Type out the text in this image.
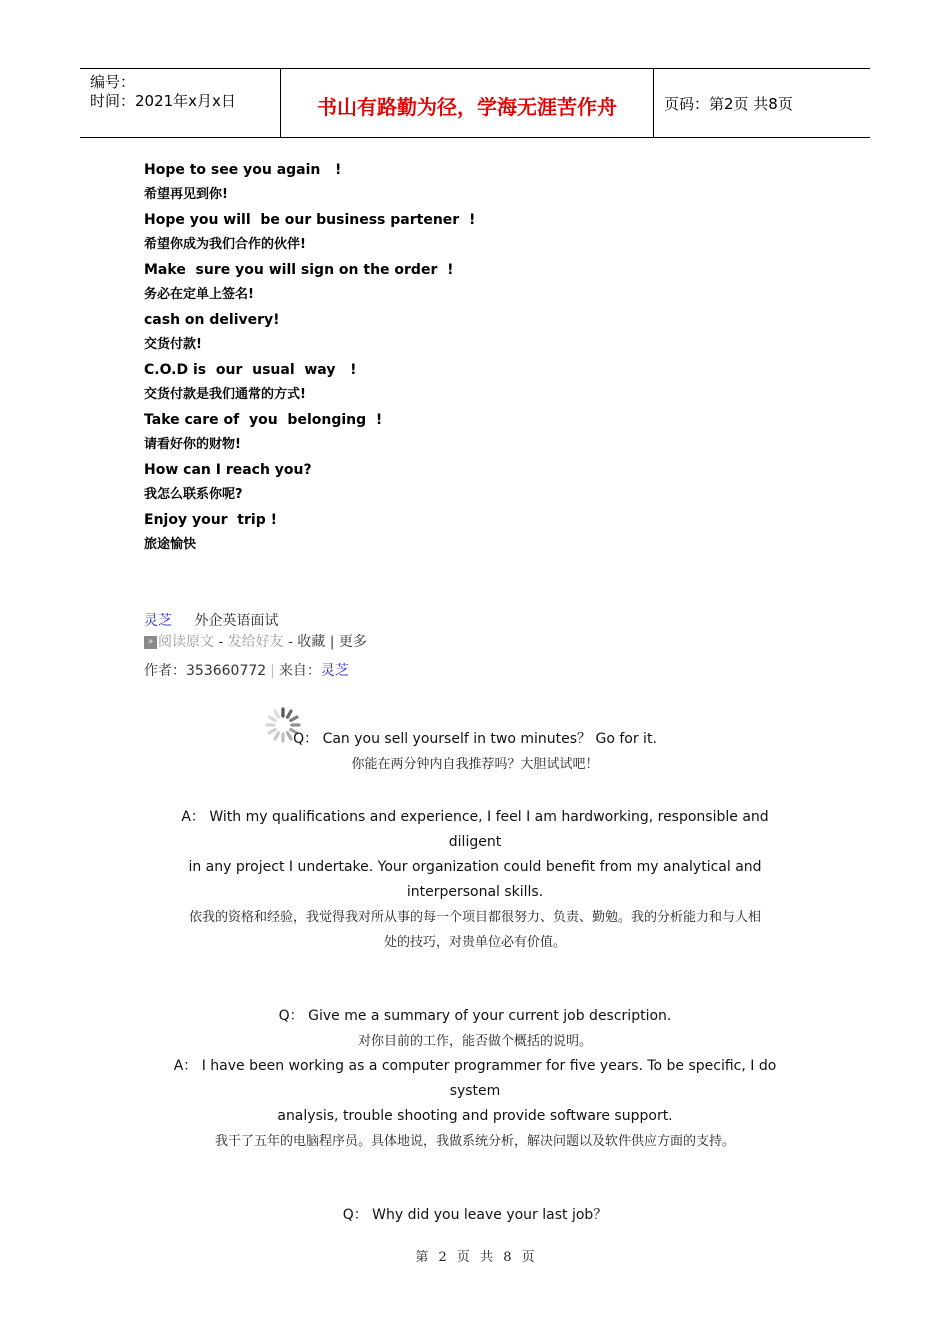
编号：
时间：2021年x月x日	书山有路勤为径，学海无涯苦作舟	页码：第2页 共8页
Hope to see you again   !
希望再见到你!
Hope you will  be our business partener  !
希望你成为我们合作的伙伴!
Make  sure you will sign on the order  !
务必在定单上签名!
cash on delivery!
交货付款!
C.O.D is  our  usual  way   !
交货付款是我们通常的方式!
Take care of  you  belonging  !
请看好你的财物!
How can I reach you?
我怎么联系你呢?
Enjoy your  trip !
旅途愉快
灵芝 外企英语面试
» 阅读原文 - 发给好友 - 收藏 | 更多
作者：353660772 | 来自：灵芝
Q： Can you sell yourself in two minutes？ Go for it.
你能在两分钟内自我推荐吗？大胆试试吧！
A： With my qualifications and experience, I feel I am hardworking, responsible and
diligent
in any project I undertake. Your organization could benefit from my analytical and
interpersonal skills.
依我的资格和经验，我觉得我对所从事的每一个项目都很努力、负责、勤勉。我的分析能力和与人相
处的技巧，对贵单位必有价值。
Q： Give me a summary of your current job description.
对你目前的工作，能否做个概括的说明。
A： I have been working as a computer programmer for five years. To be specific, I do
system
analysis, trouble shooting and provide software support.
我干了五年的电脑程序员。具体地说，我做系统分析，解决问题以及软件供应方面的支持。
Q： Why did you leave your last job？
第 2 页 共 8 页
